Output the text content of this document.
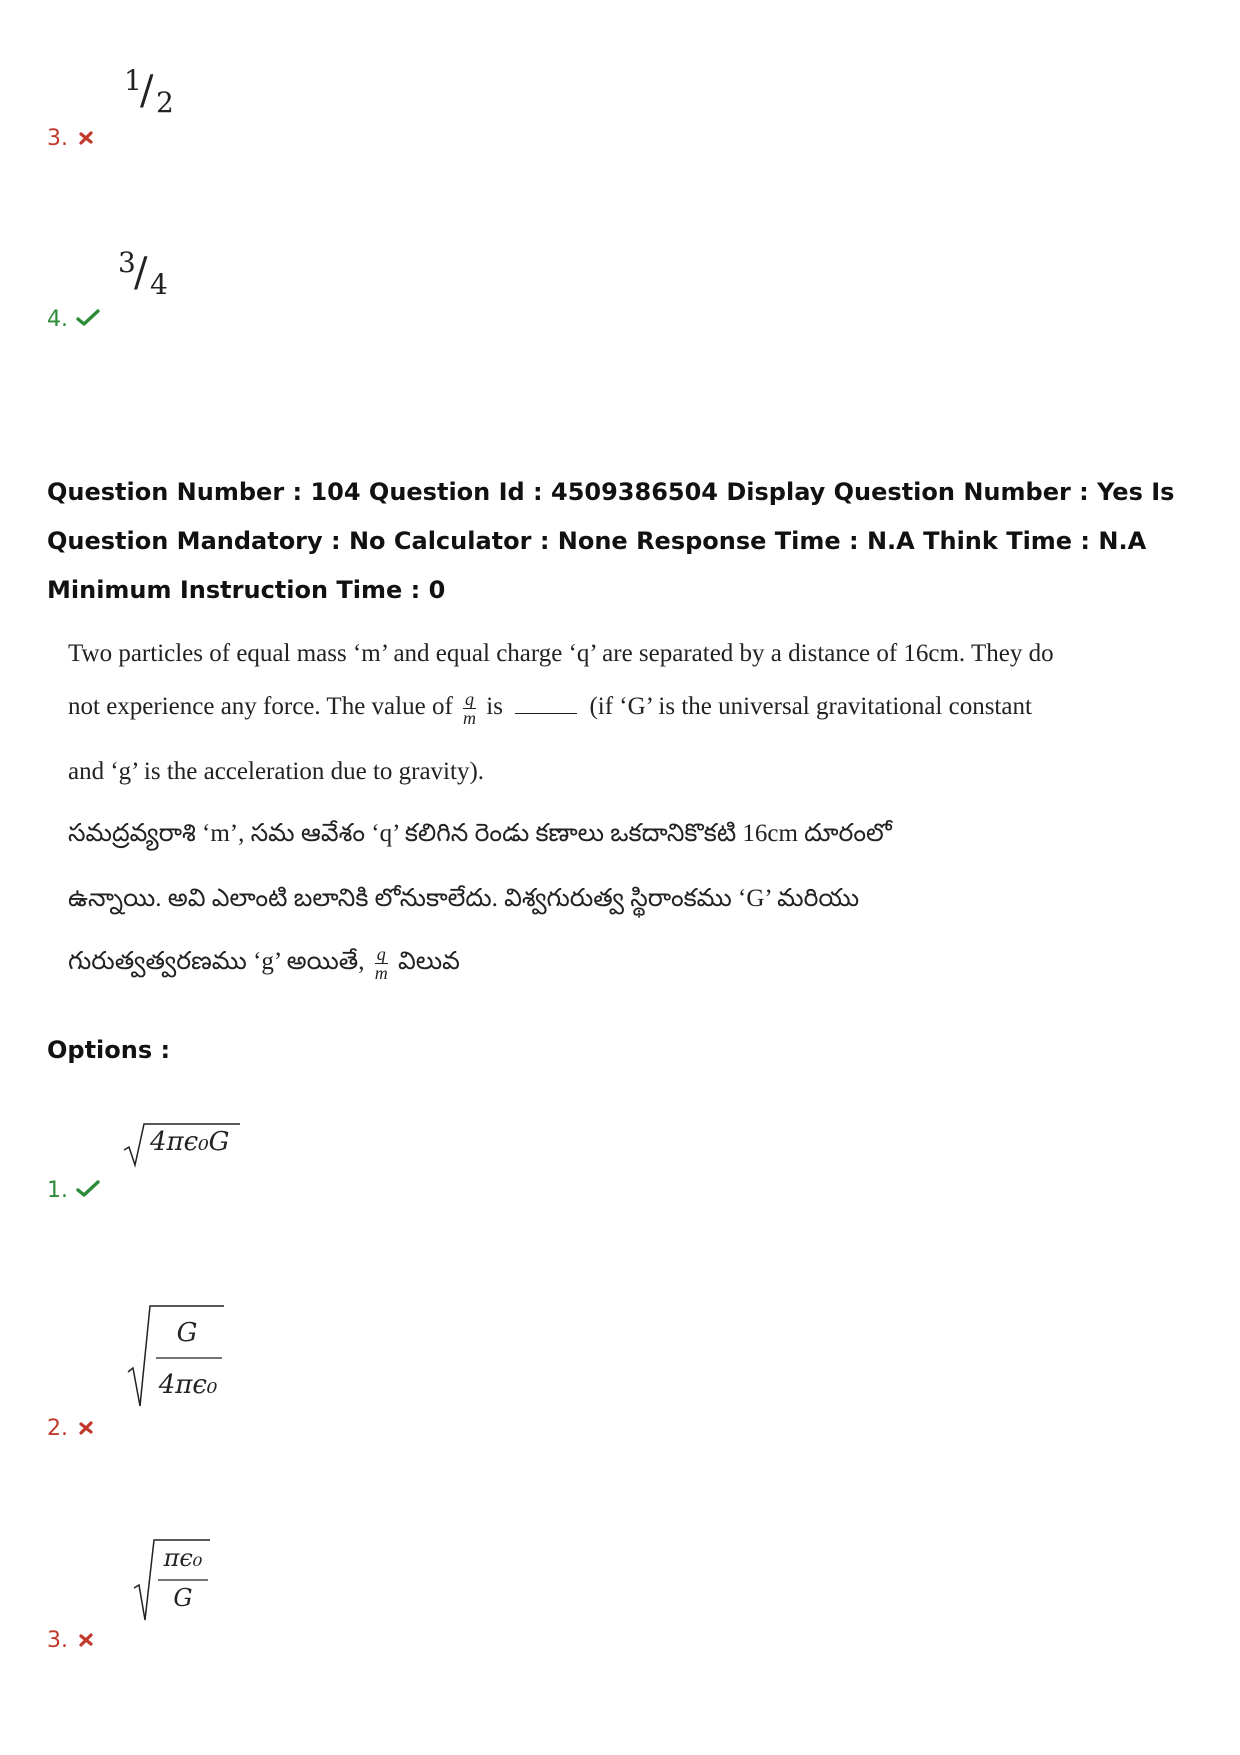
1
/ 2
3.
3
/ 4
4.
Question Number : 104 Question Id : 4509386504 Display Question Number : Yes Is Question Mandatory : No Calculator : None Response Time : N.A Think Time : N.A Minimum Instruction Time : 0
Two particles of equal mass ‘m’ and equal charge ‘q’ are separated by a distance of 16cm. They do
not experience any force. The value of $\frac{q}{m}$ is	(if ‘G’ is the universal gravitational constant
and ‘g’ is the acceleration due to gravity).
సమద్రవ్యరాశి ‘m’, సమ ఆవేశం ‘q’ కలిగిన రెండు కణాలు ఒకదానికొకటి 16cm దూరంలో
ఉన్నాయి. అవి ఎలాంటి బలానికి లోనుకాలేదు. విశ్వగురుత్వ స్థిరాంకము ‘G’ మరియు
గురుత్వత్వరణము ‘g’ అయితే, $\frac{q}{m}$ విలువ
Options :
4πϵ₀G
1.
G
4πϵ₀
2.
πϵ₀
G
3.
